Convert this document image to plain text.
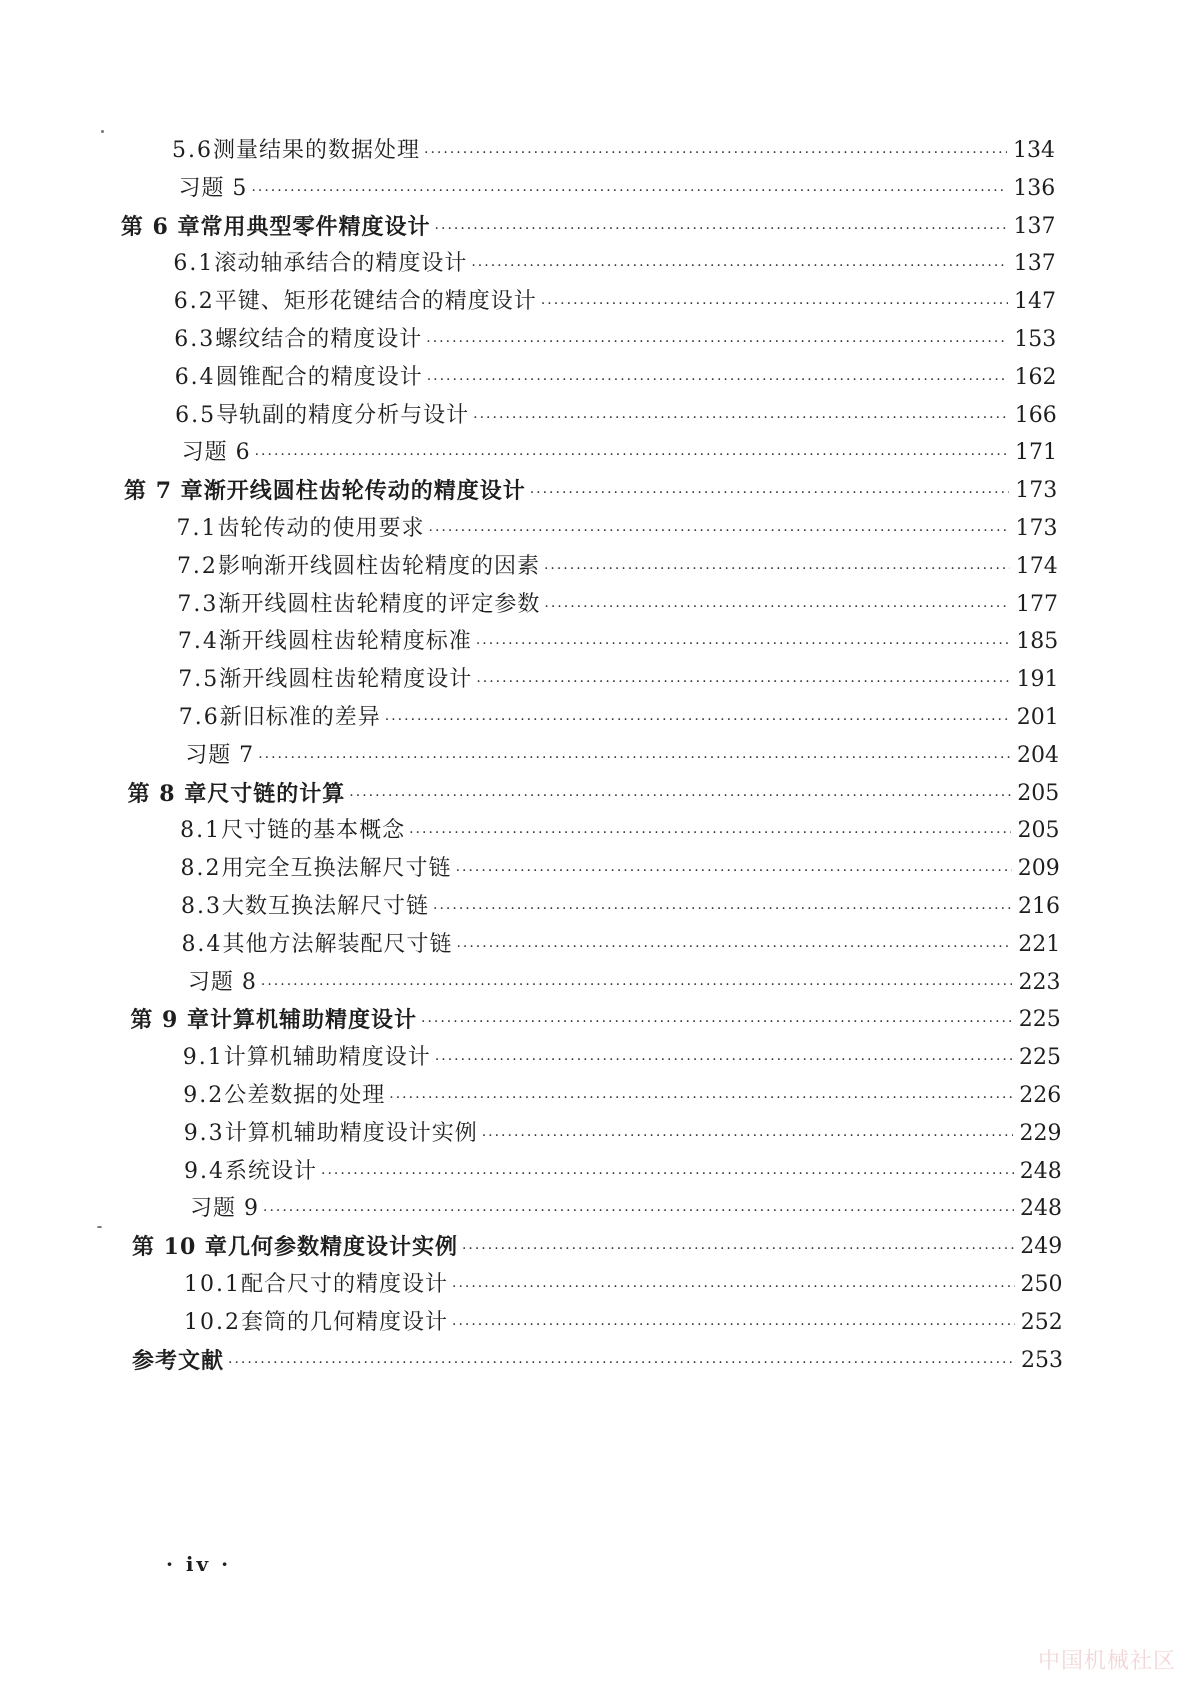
5.6 测量结果的数据处理 ·····	134
习题 5 ·····	136
第 6 章 常用典型零件精度设计 ·····	137
6.1 滚动轴承结合的精度设计 ·····	137
6.2 平键、矩形花键结合的精度设计 ·····	147
6.3 螺纹结合的精度设计 ·····	153
6.4 圆锥配合的精度设计 ·····	162
6.5 导轨副的精度分析与设计 ·····	166
习题 6 ·····	171
第 7 章 渐开线圆柱齿轮传动的精度设计 ·····	173
7.1 齿轮传动的使用要求 ·····	173
7.2 影响渐开线圆柱齿轮精度的因素 ·····	174
7.3 渐开线圆柱齿轮精度的评定参数 ·····	177
7.4 渐开线圆柱齿轮精度标准 ·····	185
7.5 渐开线圆柱齿轮精度设计 ·····	191
7.6 新旧标准的差异 ·····	201
习题 7 ·····	204
第 8 章 尺寸链的计算 ·····	205
8.1 尺寸链的基本概念 ·····	205
8.2 用完全互换法解尺寸链 ·····	209
8.3 大数互换法解尺寸链 ·····	216
8.4 其他方法解装配尺寸链 ·····	221
习题 8 ·····	223
第 9 章 计算机辅助精度设计 ·····	225
9.1 计算机辅助精度设计 ·····	225
9.2 公差数据的处理 ·····	226
9.3 计算机辅助精度设计实例 ·····	229
9.4 系统设计 ·····	248
习题 9 ·····	248
第 10 章 几何参数精度设计实例 ·····	249
10.1 配合尺寸的精度设计 ·····	250
10.2 套筒的几何精度设计 ·····	252
参考文献 ·····	253
· iv ·
中国机械社区
